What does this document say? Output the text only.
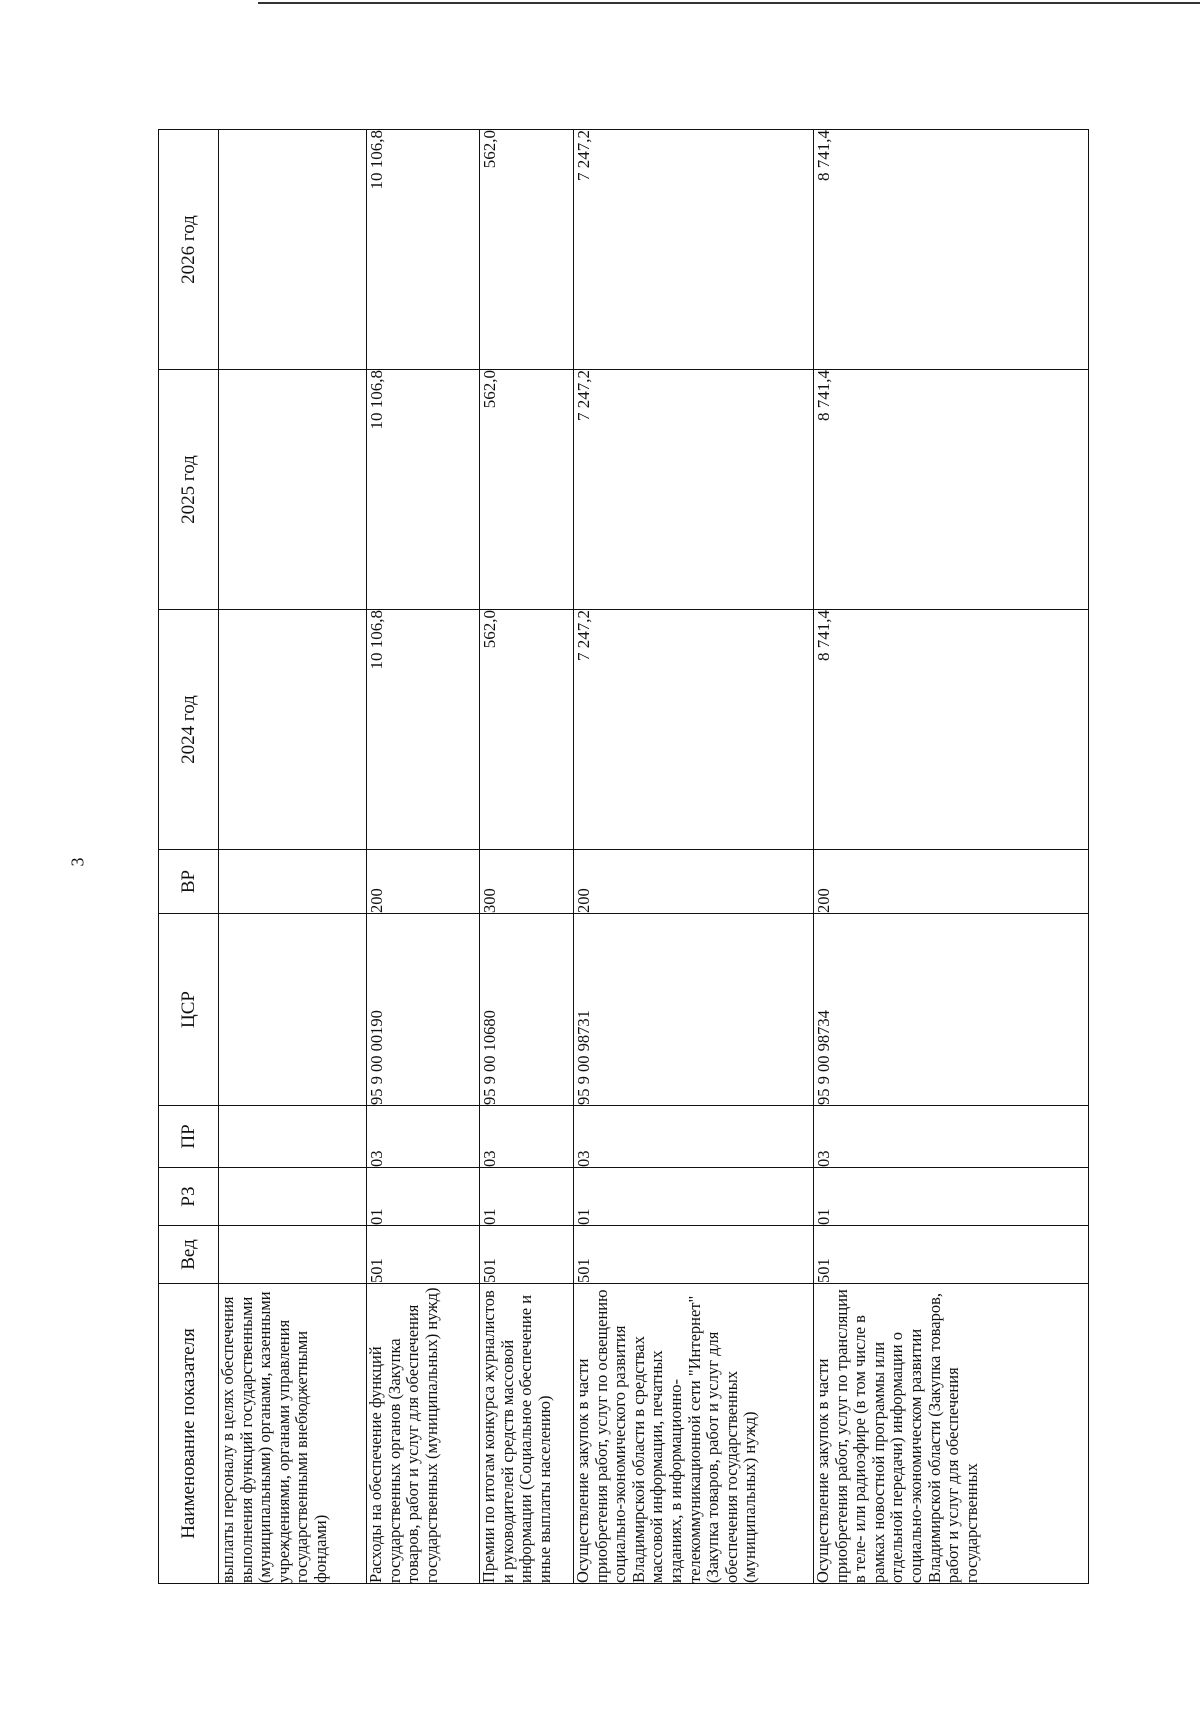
3
Наименование показателя	Вед	РЗ	ПР	ЦСР	ВР	2024 год	2025 год	2026 год
выплаты персоналу в целях обеспечения выполнения функций государственными (муниципальными) органами, казенными учреждениями, органами управления государственными внебюджетными фондами)								
Расходы на обеспечение функций государственных органов (Закупка товаров, работ и услуг для обеспечения государственных (муниципальных) нужд)	501	01	03	95 9 00 00190	200	10 106,8	10 106,8	10 106,8
Премии по итогам конкурса журналистов и руководителей средств массовой информации (Социальное обеспечение и иные выплаты населению)	501	01	03	95 9 00 10680	300	562,0	562,0	562,0
Осуществление закупок в части приобретения работ, услуг по освещению социально-экономического развития Владимирской области в средствах массовой информации, печатных изданиях, в информационно-телекоммуникационной сети "Интернет" (Закупка товаров, работ и услуг для обеспечения государственных (муниципальных) нужд)	501	01	03	95 9 00 98731	200	7 247,2	7 247,2	7 247,2
Осуществление закупок в части приобретения работ, услуг по трансляции в теле- или радиоэфире (в том числе в рамках новостной программы или отдельной передачи) информации о социально-экономическом развитии Владимирской области (Закупка товаров, работ и услуг для обеспечения государственных	501	01	03	95 9 00 98734	200	8 741,4	8 741,4	8 741,4
